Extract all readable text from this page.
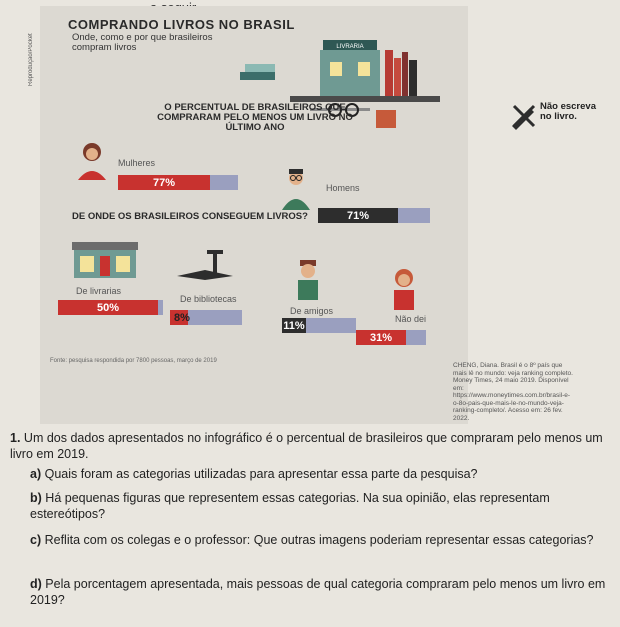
Reprodução/Pocket
COMPRANDO LIVROS NO BRASIL
Onde, como e por que brasileiros compram livros	LIVRARIA
O PERCENTUAL DE BRASILEIROS QUE COMPRARAM PELO MENOS UM LIVRO NO ÚLTIMO ANO
Mulheres
77%	Homens
71%
DE ONDE OS BRASILEIROS CONSEGUEM LIVROS?
De livrarias
50%
De bibliotecas
8%
De amigos
11%
Não dei
31%
Fonte: pesquisa respondida por 7800 pessoas, março de 2019
CHENG, Diana. Brasil é o 8º país que mais lê no mundo: veja ranking completo. Money Times, 24 maio 2019. Disponível em: https://www.moneytimes.com.br/brasil-e-o-8o-pais-que-mais-le-no-mundo-veja-ranking-completo/. Acesso em: 26 fev. 2022.
Não escreva no livro.
1. Um dos dados apresentados no infográfico é o percentual de brasileiros que compraram pelo menos um livro em 2019.
a) Quais foram as categorias utilizadas para apresentar essa parte da pesquisa?
b) Há pequenas figuras que representem essas categorias. Na sua opinião, elas representam estereótipos?
c) Reflita com os colegas e o professor: Que outras imagens poderiam representar essas categorias?
d) Pela porcentagem apresentada, mais pessoas de qual categoria compraram pelo menos um livro em 2019?
